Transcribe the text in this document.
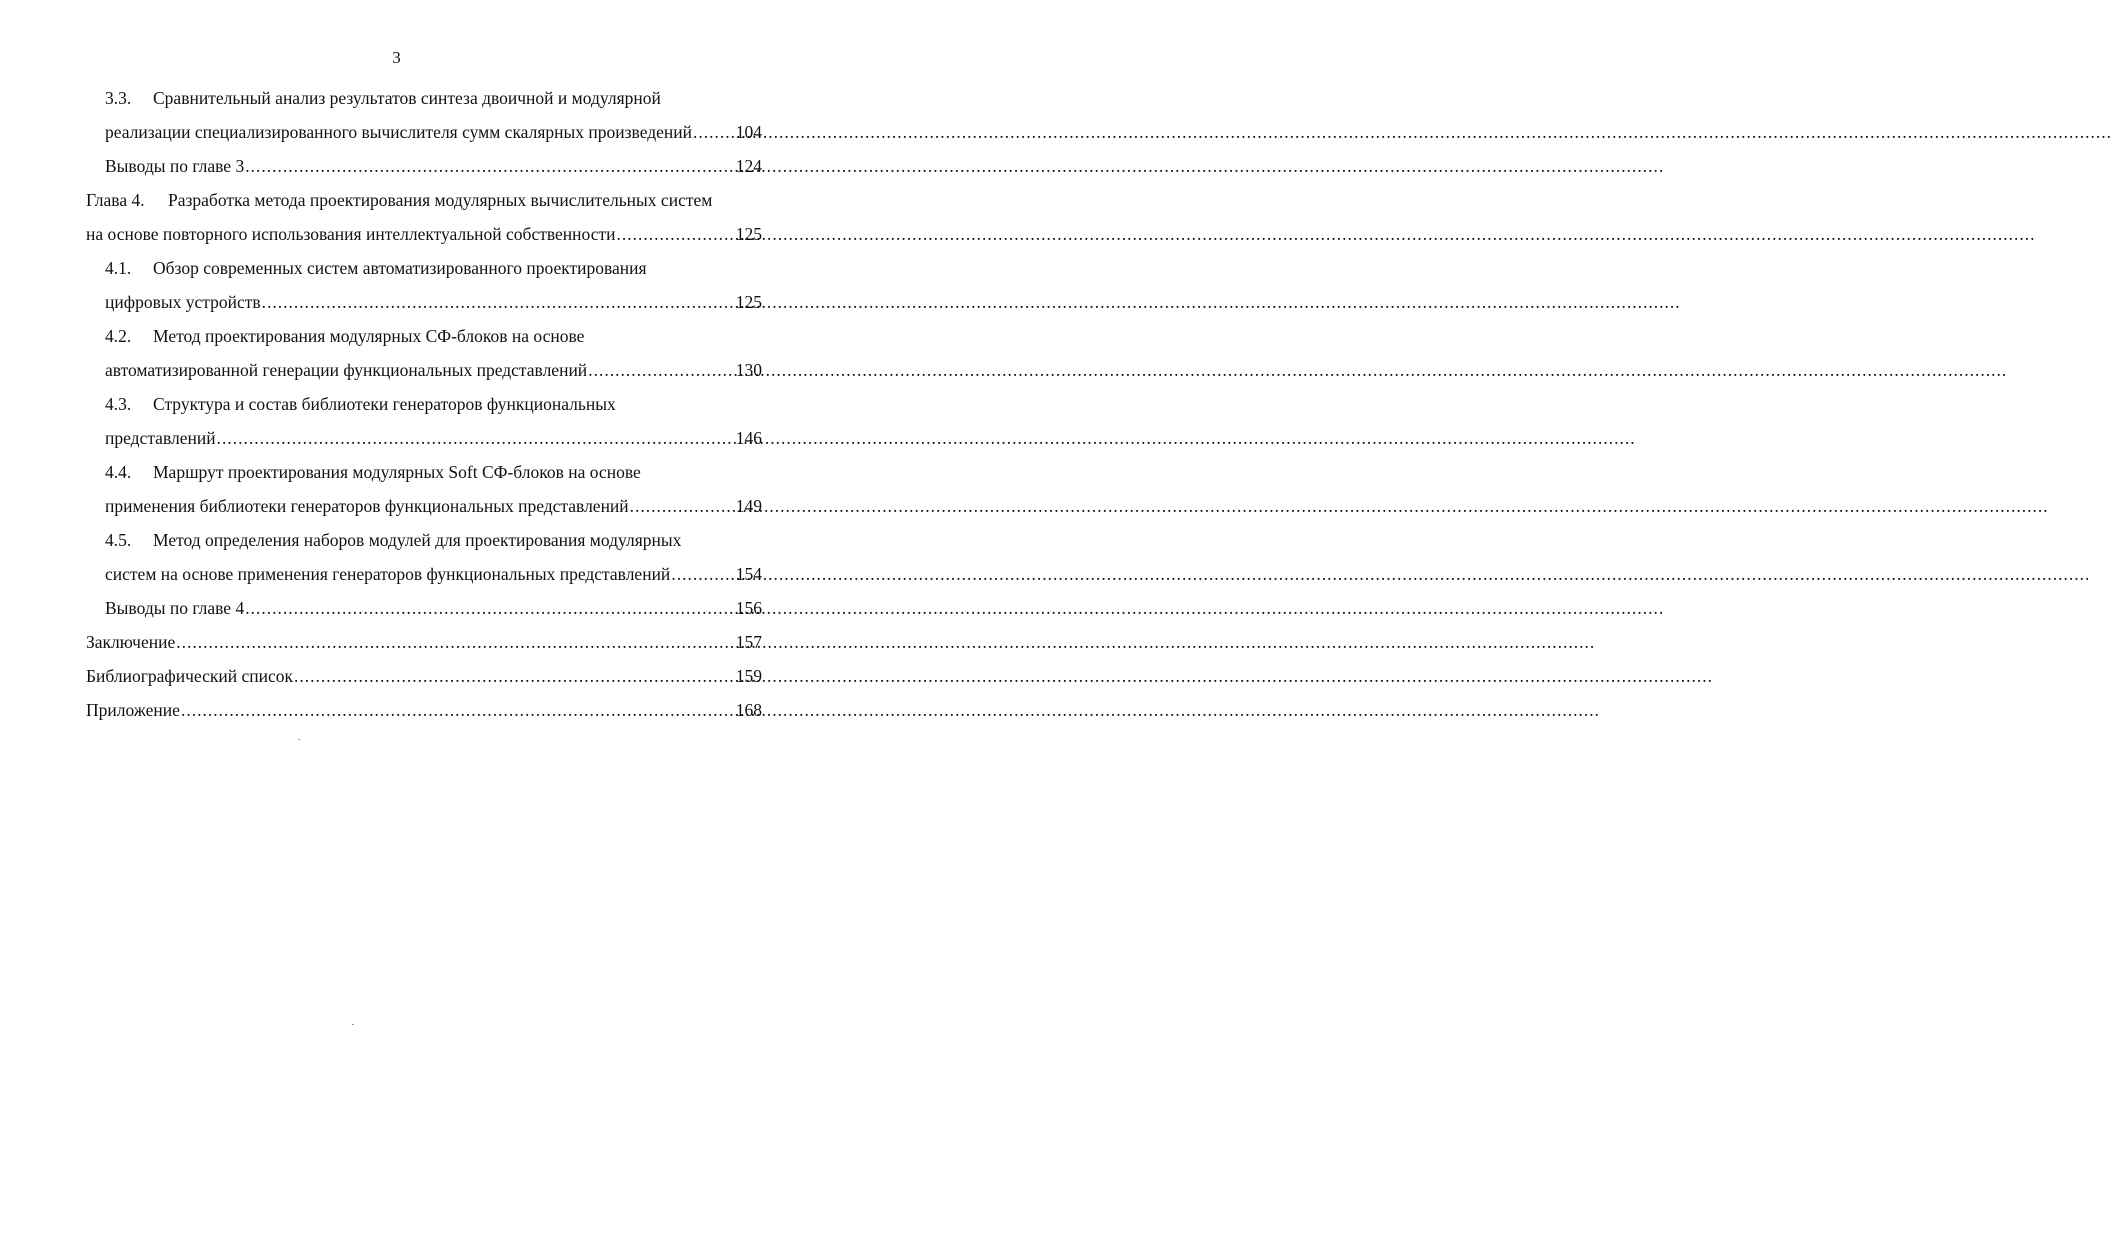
3
3.3. Сравнительный анализ результатов синтеза двоичной и модулярной
реализации специализированного вычислителя сумм скалярных произведений .....	104
Выводы по главе 3 .....	124
Глава 4. Разработка метода проектирования модулярных вычислительных систем
на основе повторного использования интеллектуальной собственности .....	125
4.1. Обзор современных систем автоматизированного проектирования
цифровых устройств .....	125
4.2. Метод проектирования модулярных СФ-блоков на основе
автоматизированной генерации функциональных представлений .....	130
4.3. Структура и состав библиотеки генераторов функциональных
представлений .....	146
4.4. Маршрут проектирования модулярных Soft СФ-блоков на основе
применения библиотеки генераторов функциональных представлений .....	149
4.5. Метод определения наборов модулей для проектирования модулярных
систем на основе применения генераторов функциональных представлений .....	154
Выводы по главе 4 .....	156
Заключение .....	157
Библиографический список .....	159
Приложение .....	168
